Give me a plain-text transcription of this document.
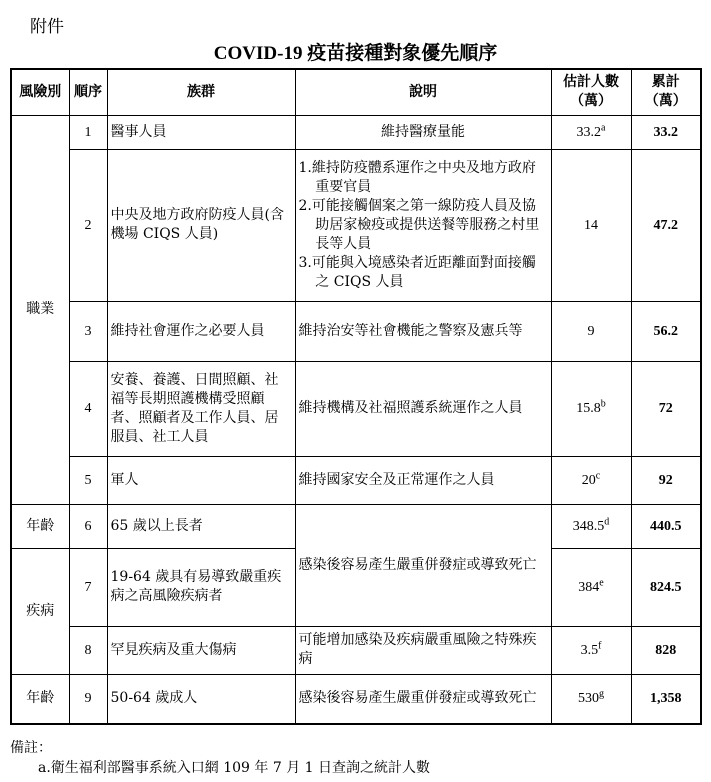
附件
COVID-19 疫苗接種對象優先順序
風險別	順序	族群	說明	估計人數（萬）	累計（萬）
職業	1	醫事人員	維持醫療量能	33.2$^a$	33.2
	2	中央及地方政府防疫人員(含機場 CIQS 人員)	1.維持防疫體系運作之中央及地方政府重要官員
2.可能接觸個案之第一線防疫人員及協助居家檢疫或提供送餐等服務之村里長等人員
3.可能與入境感染者近距離面對面接觸之 CIQS 人員	14	47.2
	3	維持社會運作之必要人員	維持治安等社會機能之警察及憲兵等	9	56.2
	4	安養、養護、日間照顧、社福等長期照護機構受照顧者、照顧者及工作人員、居服員、社工人員	維持機構及社福照護系統運作之人員	15.8$^b$	72
	5	軍人	維持國家安全及正常運作之人員	20$^c$	92
年齡	6	65 歲以上長者	感染後容易產生嚴重併發症或導致死亡	348.5$^d$	440.5
疾病	7	19-64 歲具有易導致嚴重疾病之高風險疾病者		384e	824.5
	8	罕見疾病及重大傷病	可能增加感染及疾病嚴重風險之特殊疾病	3.5$^f$	828
年齡	9	50-64 歲成人	感染後容易產生嚴重併發症或導致死亡	530$^g$	1,358
備註：
a.衛生福利部醫事系統入口網 109 年 7 月 1 日查詢之統計人數
